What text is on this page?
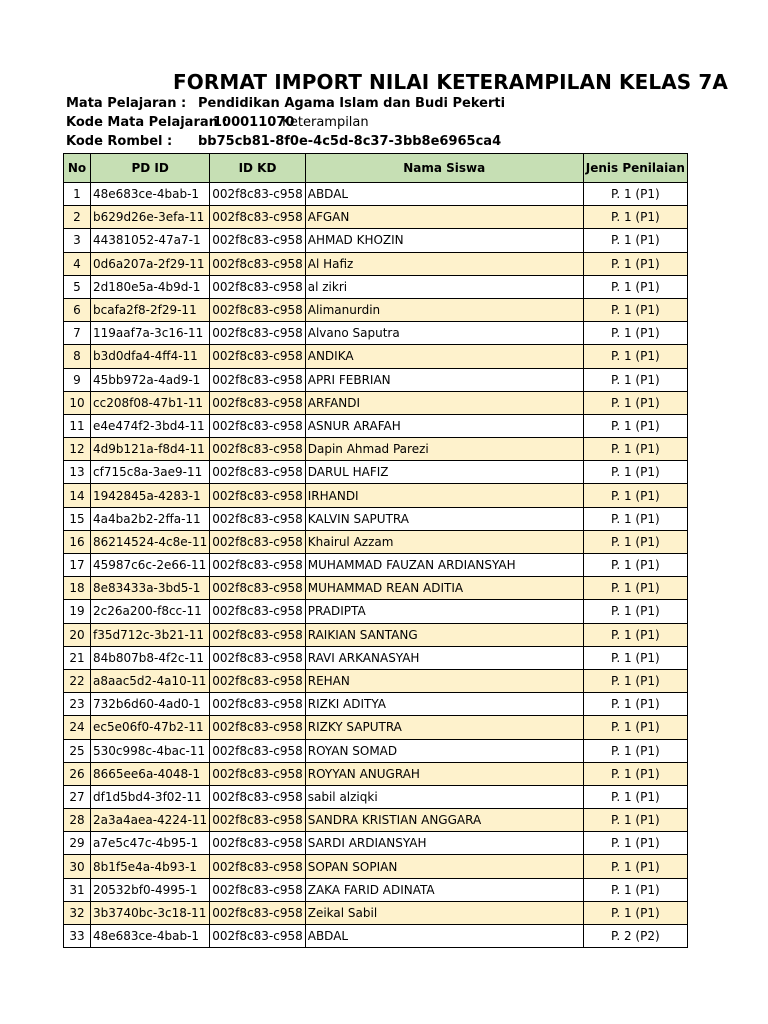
FORMAT IMPORT NILAI KETERAMPILAN KELAS 7A
Mata Pelajaran : Pendidikan Agama Islam dan Budi Pekerti
Kode Mata Pelajaran :
100011070
Keterampilan
Kode Rombel : bb75cb81-8f0e-4c5d-8c37-3bb8e6965ca4
No	PD ID	ID KD	Nama Siswa	Jenis Penilaian
1	48e683ce-4bab-1	002f8c83-c958	ABDAL	P. 1 (P1)
2	b629d26e-3efa-11	002f8c83-c958	AFGAN	P. 1 (P1)
3	44381052-47a7-1	002f8c83-c958	AHMAD KHOZIN	P. 1 (P1)
4	0d6a207a-2f29-11	002f8c83-c958	Al Hafiz	P. 1 (P1)
5	2d180e5a-4b9d-1	002f8c83-c958	al zikri	P. 1 (P1)
6	bcafa2f8-2f29-11	002f8c83-c958	Alimanurdin	P. 1 (P1)
7	119aaf7a-3c16-11	002f8c83-c958	Alvano Saputra	P. 1 (P1)
8	b3d0dfa4-4ff4-11	002f8c83-c958	ANDIKA	P. 1 (P1)
9	45bb972a-4ad9-1	002f8c83-c958	APRI FEBRIAN	P. 1 (P1)
10	cc208f08-47b1-11	002f8c83-c958	ARFANDI	P. 1 (P1)
11	e4e474f2-3bd4-11	002f8c83-c958	ASNUR ARAFAH	P. 1 (P1)
12	4d9b121a-f8d4-11	002f8c83-c958	Dapin Ahmad Parezi	P. 1 (P1)
13	cf715c8a-3ae9-11	002f8c83-c958	DARUL HAFIZ	P. 1 (P1)
14	1942845a-4283-1	002f8c83-c958	IRHANDI	P. 1 (P1)
15	4a4ba2b2-2ffa-11	002f8c83-c958	KALVIN SAPUTRA	P. 1 (P1)
16	86214524-4c8e-11	002f8c83-c958	Khairul Azzam	P. 1 (P1)
17	45987c6c-2e66-11	002f8c83-c958	MUHAMMAD FAUZAN ARDIANSYAH	P. 1 (P1)
18	8e83433a-3bd5-1	002f8c83-c958	MUHAMMAD REAN ADITIA	P. 1 (P1)
19	2c26a200-f8cc-11	002f8c83-c958	PRADIPTA	P. 1 (P1)
20	f35d712c-3b21-11	002f8c83-c958	RAIKIAN SANTANG	P. 1 (P1)
21	84b807b8-4f2c-11	002f8c83-c958	RAVI ARKANASYAH	P. 1 (P1)
22	a8aac5d2-4a10-11	002f8c83-c958	REHAN	P. 1 (P1)
23	732b6d60-4ad0-1	002f8c83-c958	RIZKI ADITYA	P. 1 (P1)
24	ec5e06f0-47b2-11	002f8c83-c958	RIZKY SAPUTRA	P. 1 (P1)
25	530c998c-4bac-11	002f8c83-c958	ROYAN SOMAD	P. 1 (P1)
26	8665ee6a-4048-1	002f8c83-c958	ROYYAN ANUGRAH	P. 1 (P1)
27	df1d5bd4-3f02-11	002f8c83-c958	sabil alziqki	P. 1 (P1)
28	2a3a4aea-4224-11	002f8c83-c958	SANDRA KRISTIAN ANGGARA	P. 1 (P1)
29	a7e5c47c-4b95-1	002f8c83-c958	SARDI ARDIANSYAH	P. 1 (P1)
30	8b1f5e4a-4b93-1	002f8c83-c958	SOPAN SOPIAN	P. 1 (P1)
31	20532bf0-4995-1	002f8c83-c958	ZAKA FARID ADINATA	P. 1 (P1)
32	3b3740bc-3c18-11	002f8c83-c958	Zeikal Sabil	P. 1 (P1)
33	48e683ce-4bab-1	002f8c83-c958	ABDAL	P. 2 (P2)
